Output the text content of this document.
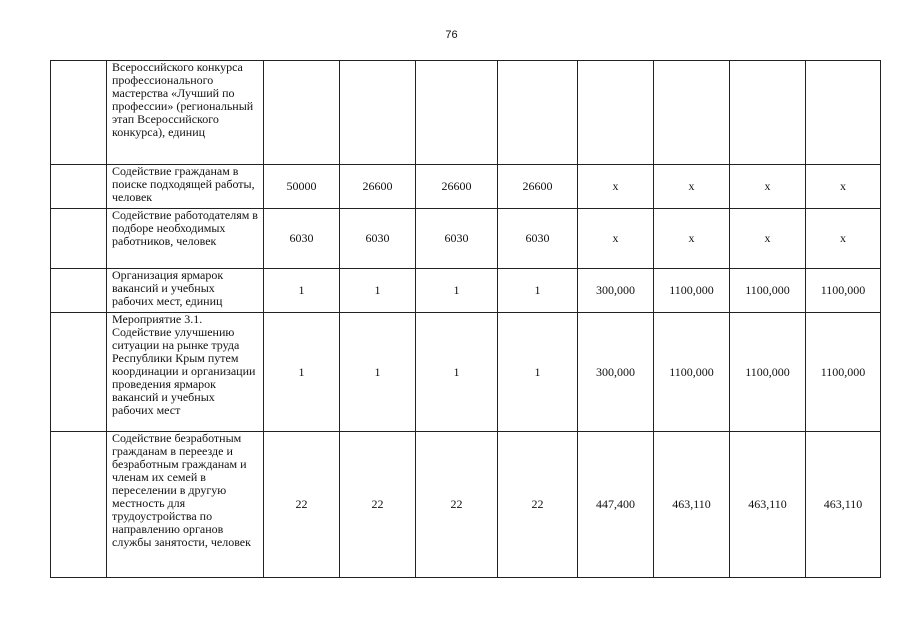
76
	Всероссийского конкурса профессионального мастерства «Лучший по профессии» (региональный этап Всероссийского конкурса), единиц								
	Содействие гражданам в поиске подходящей работы, человек	50000	26600	26600	26600	х	х	х	х
	Содействие работодателям в подборе необходимых работников, человек	6030	6030	6030	6030	х	х	х	х
	Организация ярмарок вакансий и учебных рабочих мест, единиц	1	1	1	1	300,000	1100,000	1100,000	1100,000
	Мероприятие 3.1. Содействие улучшению ситуации на рынке труда Республики Крым путем координации и организации проведения ярмарок вакансий и учебных рабочих мест	1	1	1	1	300,000	1100,000	1100,000	1100,000
	Содействие безработным гражданам в переезде и безработным гражданам и членам их семей в переселении в другую местность для трудоустройства по направлению органов службы занятости, человек	22	22	22	22	447,400	463,110	463,110	463,110
